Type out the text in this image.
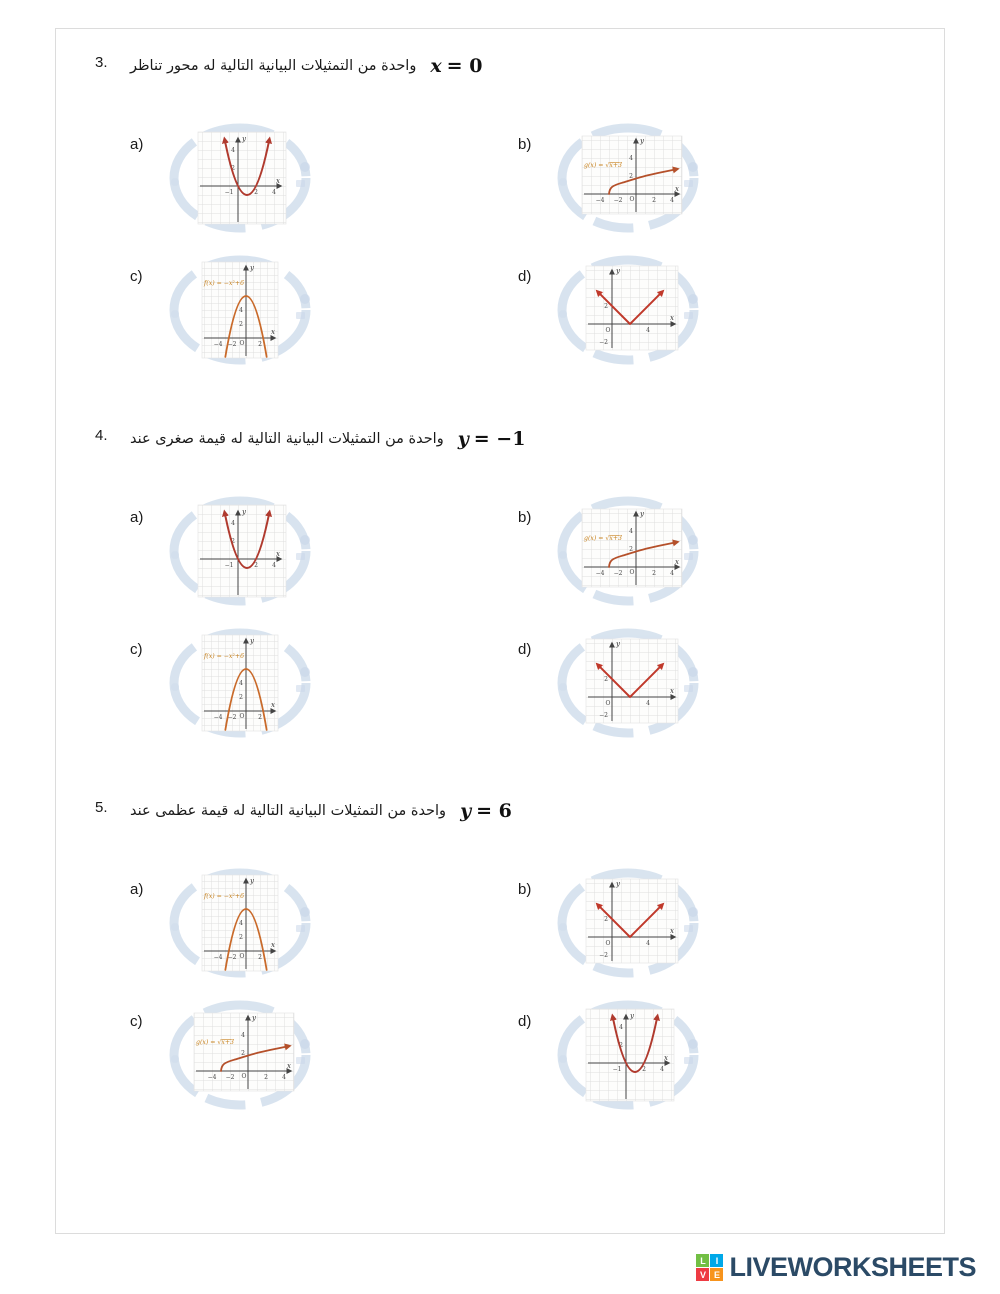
3. واحدة من التمثيلات البيانية التالية له محور تناظر x = 0
a)	y
x
4
2
2 4
−1
b)	y
x
−4 −2 O	2 4
2
4
g(x) = √x+3
c)	y
x
−4 −2 O 2
4
2
f(x) = −x²+6	d)	y
x
O	4
2
−2
4. واحدة من التمثيلات البيانية التالية له قيمة صغرى عند y = −1
a)	y
x
4
2
2 4
−1
b)	y
x
−4 −2 O	2 4
2
4
g(x) = √x+3
c)	y
x
−4 −2 O 2
4
2
f(x) = −x²+6	d)	y
x
O	4
2
−2
5. واحدة من التمثيلات البيانية التالية له قيمة عظمى عند y = 6
a)	y
x
−4 −2 O 2
4
2
f(x) = −x²+6	b)	y
x
O	4
2
−2
c)	y
x
−4 −2 O	2 4
2
4
g(x) = √x+3
d)	y
x
4
2
2 4
−1
L	I
V E LIVEWORKSHEETS
